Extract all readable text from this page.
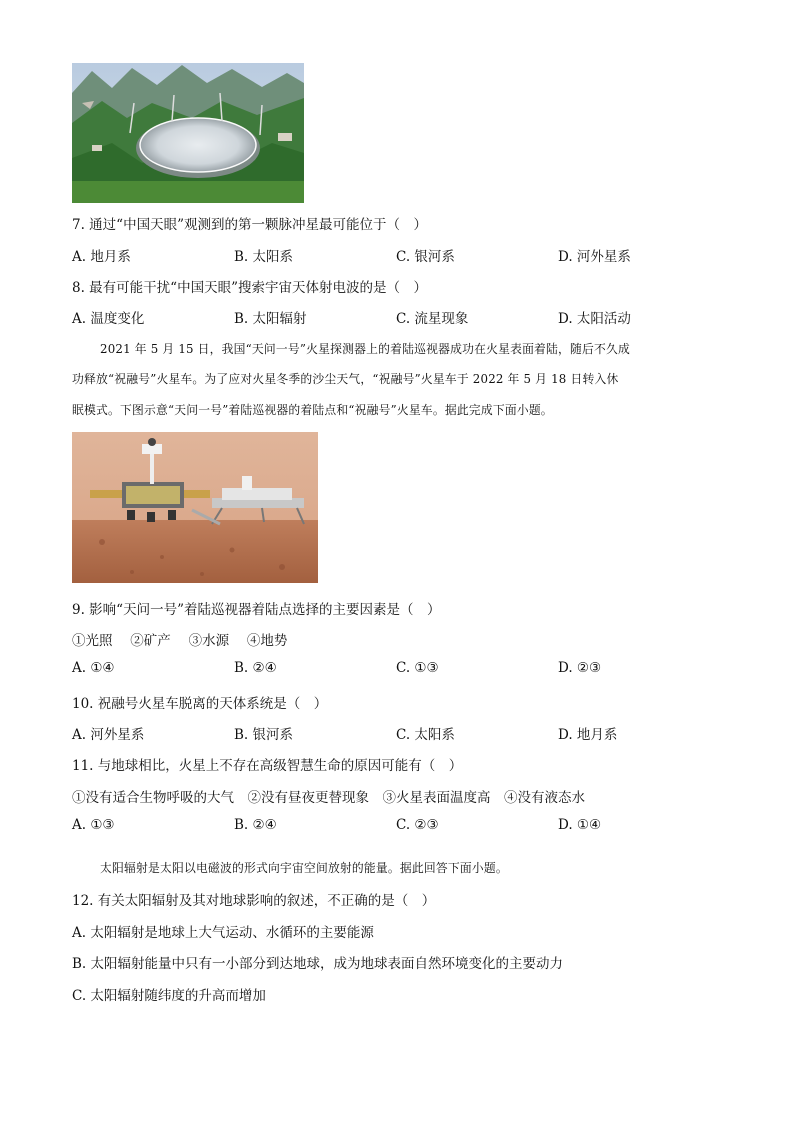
7. 通过“中国天眼”观测到的第一颗脉冲星最可能位于（　）
A. 地月系	B. 太阳系	C. 银河系	D. 河外星系
8. 最有可能干扰“中国天眼”搜索宇宙天体射电波的是（　）
A. 温度变化	B. 太阳辐射	C. 流星现象	D. 太阳活动
2021 年 5 月 15 日，我国“天问一号”火星探测器上的着陆巡视器成功在火星表面着陆，随后不久成
功释放“祝融号”火星车。为了应对火星冬季的沙尘天气，“祝融号”火星车于 2022 年 5 月 18 日转入休
眠模式。下图示意“天问一号”着陆巡视器的着陆点和“祝融号”火星车。据此完成下面小题。
9. 影响“天问一号”着陆巡视器着陆点选择的主要因素是（　）
①光照　 ②矿产　 ③水源　 ④地势
A. ①④	B. ②④	C. ①③	D. ②③
10. 祝融号火星车脱离的天体系统是（　）
A. 河外星系	B. 银河系	C. 太阳系	D. 地月系
11. 与地球相比，火星上不存在高级智慧生命的原因可能有（　）
①没有适合生物呼吸的大气　②没有昼夜更替现象　③火星表面温度高　④没有液态水
A. ①③	B. ②④	C. ②③	D. ①④
太阳辐射是太阳以电磁波的形式向宇宙空间放射的能量。据此回答下面小题。
12. 有关太阳辐射及其对地球影响的叙述，不正确的是（　）
A. 太阳辐射是地球上大气运动、水循环的主要能源
B. 太阳辐射能量中只有一小部分到达地球，成为地球表面自然环境变化的主要动力
C. 太阳辐射随纬度的升高而增加
